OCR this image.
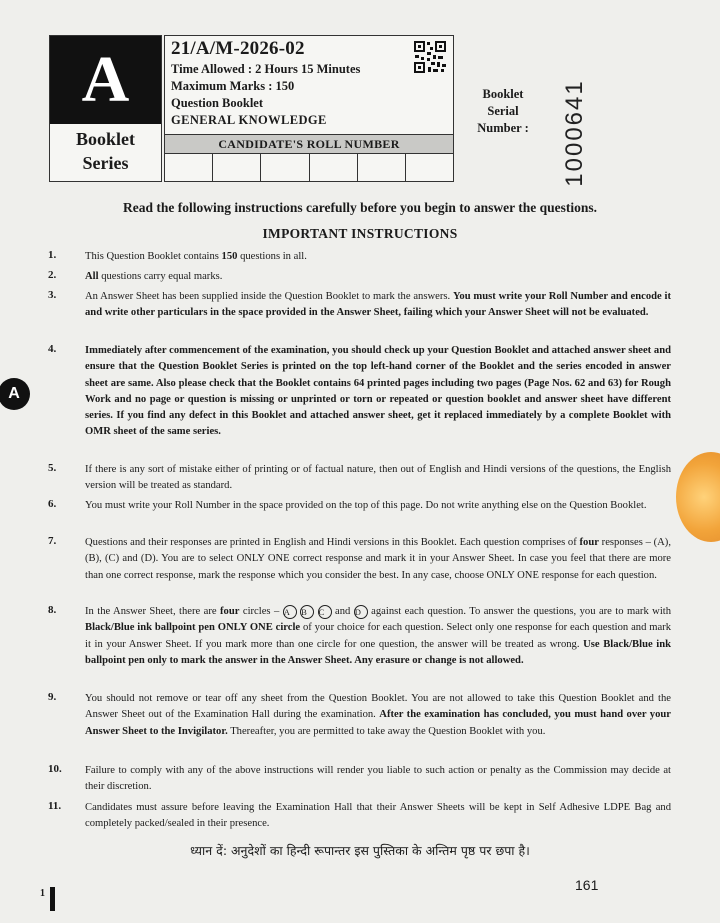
A
Booklet
Series
21/A/M-2026-02
Time Allowed : 2 Hours 15 Minutes
Maximum Marks : 150
Question Booklet
GENERAL KNOWLEDGE
CANDIDATE'S ROLL NUMBER
Booklet
Serial
Number :	1000641
Read the following instructions carefully before you begin to answer the questions.
IMPORTANT INSTRUCTIONS
1.	This Question Booklet contains 150 questions in all.
2.	All questions carry equal marks.
3.	An Answer Sheet has been supplied inside the Question Booklet to mark the answers. You must write your Roll Number and encode it and write other particulars in the space provided in the Answer Sheet, failing which your Answer Sheet will not be evaluated.
4.	Immediately after commencement of the examination, you should check up your Question Booklet and attached answer sheet and ensure that the Question Booklet Series is printed on the top left-hand corner of the Booklet and the series encoded in answer sheet are same. Also please check that the Booklet contains 64 printed pages including two pages (Page Nos. 62 and 63) for Rough Work and no page or question is missing or unprinted or torn or repeated or question booklet and answer sheet have different series. If you find any defect in this Booklet and attached answer sheet, get it replaced immediately by a complete Booklet with OMR sheet of the same series.
5.	If there is any sort of mistake either of printing or of factual nature, then out of English and Hindi versions of the questions, the English version will be treated as standard.
6.	You must write your Roll Number in the space provided on the top of this page. Do not write anything else on the Question Booklet.
7.	Questions and their responses are printed in English and Hindi versions in this Booklet. Each question comprises of four responses – (A), (B), (C) and (D). You are to select ONLY ONE correct response and mark it in your Answer Sheet. In case you feel that there are more than one correct response, mark the response which you consider the best. In any case, choose ONLY ONE response for each question.
8.	In the Answer Sheet, there are four circles – A B C and D against each question. To answer the questions, you are to mark with Black/Blue ink ballpoint pen ONLY ONE circle of your choice for each question. Select only one response for each question and mark it in your Answer Sheet. If you mark more than one circle for one question, the answer will be treated as wrong. Use Black/Blue ink ballpoint pen only to mark the answer in the Answer Sheet. Any erasure or change is not allowed.
9.	You should not remove or tear off any sheet from the Question Booklet. You are not allowed to take this Question Booklet and the Answer Sheet out of the Examination Hall during the examination. After the examination has concluded, you must hand over your Answer Sheet to the Invigilator. Thereafter, you are permitted to take away the Question Booklet with you.
10. Failure to comply with any of the above instructions will render you liable to such action or penalty as the Commission may decide at their discretion.
11. Candidates must assure before leaving the Examination Hall that their Answer Sheets will be kept in Self Adhesive LDPE Bag and completely packed/sealed in their presence.
A
ध्यान दें: अनुदेशों का हिन्दी रूपान्तर इस पुस्तिका के अन्तिम पृष्ठ पर छपा है।
161
1
